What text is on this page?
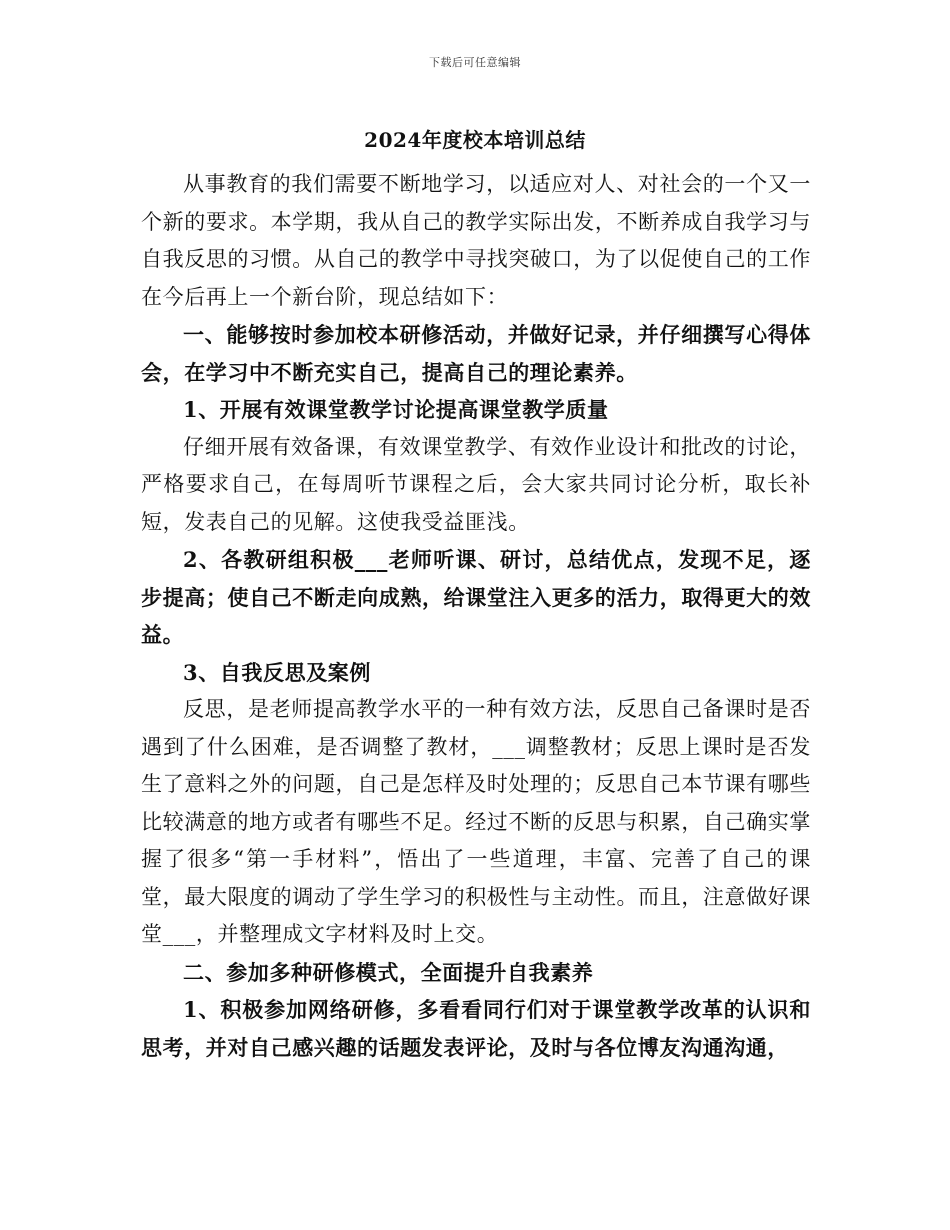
下载后可任意编辑
2024年度校本培训总结

从事教育的我们需要不断地学习，以适应对人、对社会的一个又一个新的要求。本学期，我从自己的教学实际出发，不断养成自我学习与自我反思的习惯。从自己的教学中寻找突破口，为了以促使自己的工作在今后再上一个新台阶，现总结如下：

一、能够按时参加校本研修活动，并做好记录，并仔细撰写心得体会，在学习中不断充实自己，提高自己的理论素养。

1、开展有效课堂教学讨论提高课堂教学质量

仔细开展有效备课，有效课堂教学、有效作业设计和批改的讨论，严格要求自己，在每周听节课程之后，会大家共同讨论分析，取长补短，发表自己的见解。这使我受益匪浅。

2、各教研组积极___老师听课、研讨，总结优点，发现不足，逐步提高；使自己不断走向成熟，给课堂注入更多的活力，取得更大的效益。

3、自我反思及案例

反思，是老师提高教学水平的一种有效方法，反思自己备课时是否遇到了什么困难，是否调整了教材，___调整教材；反思上课时是否发生了意料之外的问题，自己是怎样及时处理的；反思自己本节课有哪些比较满意的地方或者有哪些不足。经过不断的反思与积累，自己确实掌握了很多“第一手材料”，悟出了一些道理，丰富、完善了自己的课堂，最大限度的调动了学生学习的积极性与主动性。而且，注意做好课堂___，并整理成文字材料及时上交。

二、参加多种研修模式，全面提升自我素养

1、积极参加网络研修，多看看同行们对于课堂教学改革的认识和思考，并对自己感兴趣的话题发表评论，及时与各位博友沟通沟通，
